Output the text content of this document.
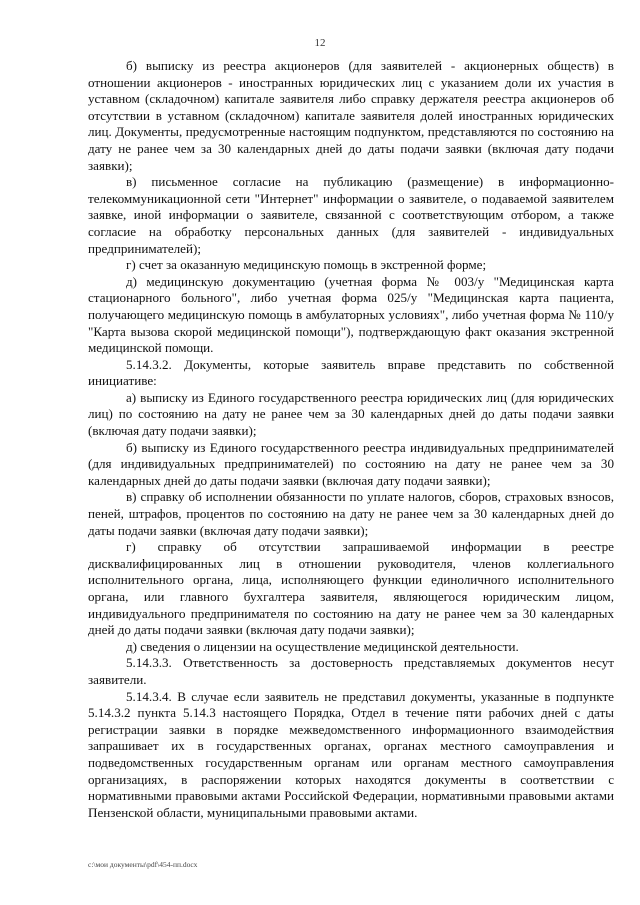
12

б) выписку из реестра акционеров (для заявителей - акционерных обществ) в отношении акционеров - иностранных юридических лиц с указанием доли их участия в уставном (складочном) капитале заявителя либо справку держателя реестра акционеров об отсутствии в уставном (складочном) капитале заявителя долей иностранных юридических лиц. Документы, предусмотренные настоящим подпунктом, представляются по состоянию на дату не ранее чем за 30 календарных дней до даты подачи заявки (включая дату подачи заявки);

в) письменное согласие на публикацию (размещение) в информационно-телекоммуникационной сети "Интернет" информации о заявителе, о подаваемой заявителем заявке, иной информации о заявителе, связанной с соответствующим отбором, а также согласие на обработку персональных данных (для заявителей - индивидуальных предпринимателей);

г) счет за оказанную медицинскую помощь в экстренной форме;

д) медицинскую документацию (учетная форма № 003/у "Медицинская карта стационарного больного", либо учетная форма 025/у "Медицинская карта пациента, получающего медицинскую помощь в амбулаторных условиях", либо учетная форма № 110/у "Карта вызова скорой медицинской помощи"), подтверждающую факт оказания экстренной медицинской помощи.

5.14.3.2. Документы, которые заявитель вправе представить по собственной инициативе:

а) выписку из Единого государственного реестра юридических лиц (для юридических лиц) по состоянию на дату не ранее чем за 30 календарных дней до даты подачи заявки (включая дату подачи заявки);

б) выписку из Единого государственного реестра индивидуальных предпринимателей (для индивидуальных предпринимателей) по состоянию на дату не ранее чем за 30 календарных дней до даты подачи заявки (включая дату подачи заявки);

в) справку об исполнении обязанности по уплате налогов, сборов, страховых взносов, пеней, штрафов, процентов по состоянию на дату не ранее чем за 30 календарных дней до даты подачи заявки (включая дату подачи заявки);

г) справку об отсутствии запрашиваемой информации в реестре дисквалифицированных лиц в отношении руководителя, членов коллегиального исполнительного органа, лица, исполняющего функции единоличного исполнительного органа, или главного бухгалтера заявителя, являющегося юридическим лицом, индивидуального предпринимателя по состоянию на дату не ранее чем за 30 календарных дней до даты подачи заявки (включая дату подачи заявки);

д) сведения о лицензии на осуществление медицинской деятельности.

5.14.3.3. Ответственность за достоверность представляемых документов несут заявители.

5.14.3.4. В случае если заявитель не представил документы, указанные в подпункте 5.14.3.2 пункта 5.14.3 настоящего Порядка, Отдел в течение пяти рабочих дней с даты регистрации заявки в порядке межведомственного информационного взаимодействия запрашивает их в государственных органах, органах местного самоуправления и подведомственных государственным органам или органам местного самоуправления организациях, в распоряжении которых находятся документы в соответствии с нормативными правовыми актами Российской Федерации, нормативными правовыми актами Пензенской области, муниципальными правовыми актами.

c:\мои документы\pdf\454-пп.docx
